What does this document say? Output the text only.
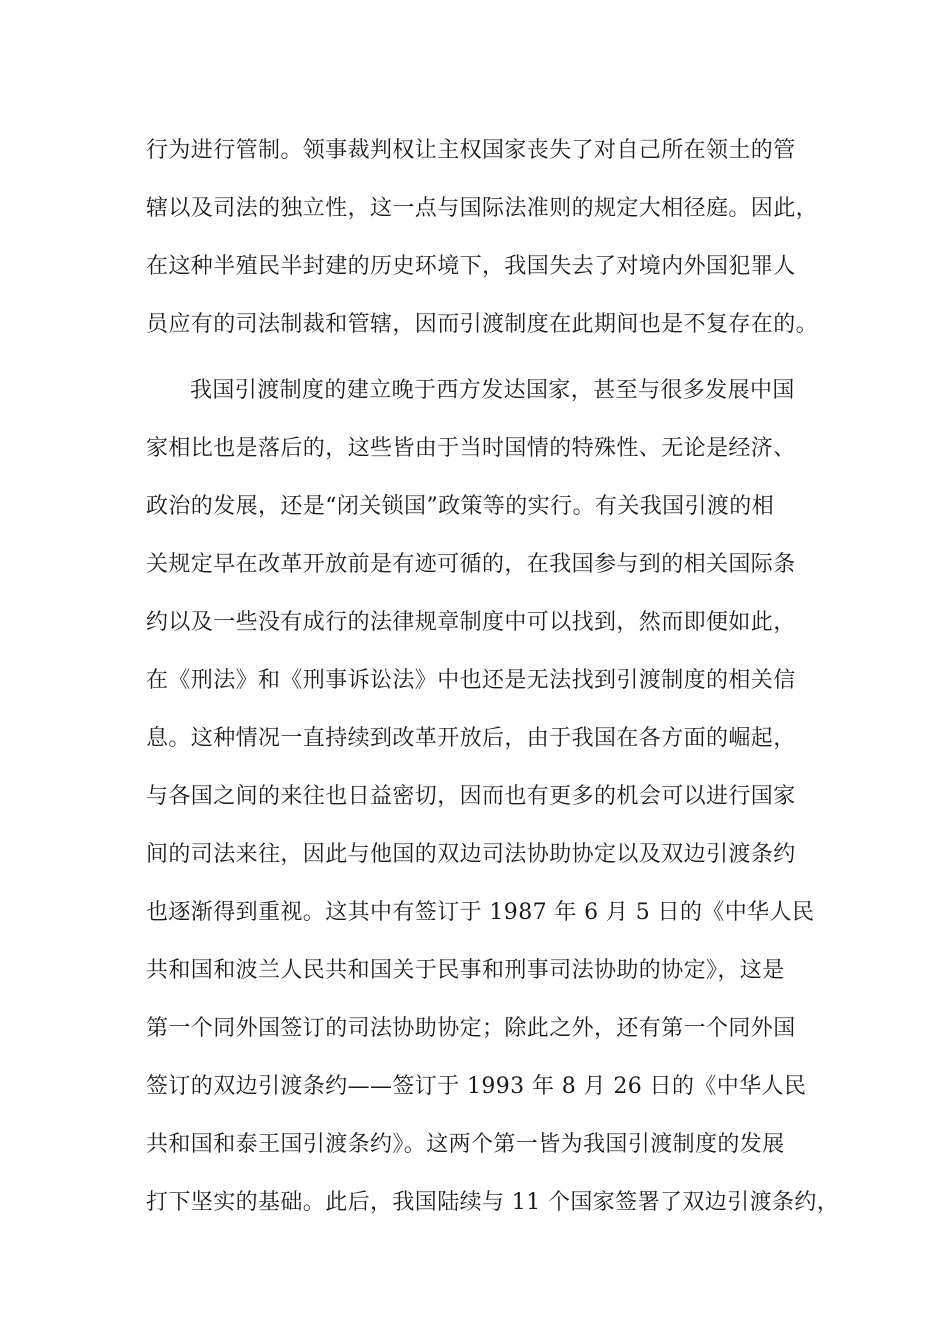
行为进行管制。领事裁判权让主权国家丧失了对自己所在领土的管
辖以及司法的独立性，这一点与国际法准则的规定大相径庭。因此，
在这种半殖民半封建的历史环境下，我国失去了对境内外国犯罪人
员应有的司法制裁和管辖，因而引渡制度在此期间也是不复存在的。
我国引渡制度的建立晚于西方发达国家，甚至与很多发展中国
家相比也是落后的，这些皆由于当时国情的特殊性、无论是经济、
政治的发展，还是“闭关锁国”政策等的实行。有关我国引渡的相
关规定早在改革开放前是有迹可循的，在我国参与到的相关国际条
约以及一些没有成行的法律规章制度中可以找到，然而即便如此，
在《刑法》和《刑事诉讼法》中也还是无法找到引渡制度的相关信
息。这种情况一直持续到改革开放后，由于我国在各方面的崛起，
与各国之间的来往也日益密切，因而也有更多的机会可以进行国家
间的司法来往，因此与他国的双边司法协助协定以及双边引渡条约
也逐渐得到重视。这其中有签订于 1987 年 6 月 5 日的《中华人民
共和国和波兰人民共和国关于民事和刑事司法协助的协定》，这是
第一个同外国签订的司法协助协定；除此之外，还有第一个同外国
签订的双边引渡条约——签订于 1993 年 8 月 26 日的《中华人民
共和国和泰王国引渡条约》。这两个第一皆为我国引渡制度的发展
打下坚实的基础。此后，我国陆续与 11 个国家签署了双边引渡条约，
